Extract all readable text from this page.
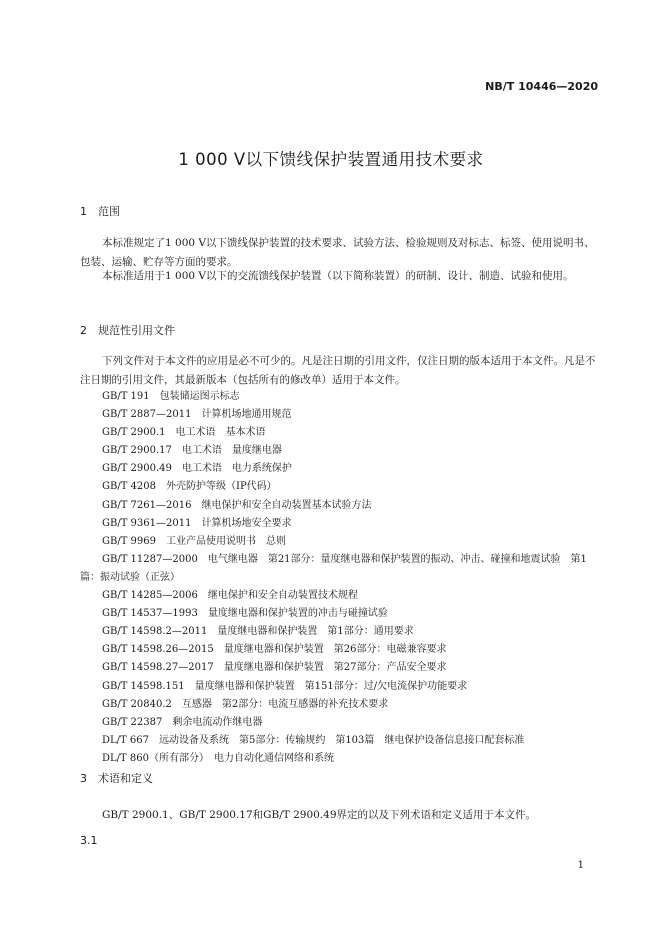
NB/T 10446—2020
1 000 V以下馈线保护装置通用技术要求
1 范围
本标准规定了1 000 V以下馈线保护装置的技术要求、试验方法、检验规则及对标志、标签、使用说明书、包装、运输、贮存等方面的要求。
本标准适用于1 000 V以下的交流馈线保护装置（以下简称装置）的研制、设计、制造、试验和使用。
2 规范性引用文件
下列文件对于本文件的应用是必不可少的。凡是注日期的引用文件，仅注日期的版本适用于本文件。凡是不注日期的引用文件，其最新版本（包括所有的修改单）适用于本文件。
GB/T 191　包装储运图示标志
GB/T 2887—2011　计算机场地通用规范
GB/T 2900.1　电工术语　基本术语
GB/T 2900.17　电工术语　量度继电器
GB/T 2900.49　电工术语　电力系统保护
GB/T 4208　外壳防护等级（IP代码）
GB/T 7261—2016　继电保护和安全自动装置基本试验方法
GB/T 9361—2011　计算机场地安全要求
GB/T 9969　工业产品使用说明书　总则
GB/T 11287—2000　电气继电器　第21部分：量度继电器和保护装置的振动、冲击、碰撞和地震试验　第1篇：振动试验（正弦）
GB/T 14285—2006　继电保护和安全自动装置技术规程
GB/T 14537—1993　量度继电器和保护装置的冲击与碰撞试验
GB/T 14598.2—2011　量度继电器和保护装置　第1部分：通用要求
GB/T 14598.26—2015　量度继电器和保护装置　第26部分：电磁兼容要求
GB/T 14598.27—2017　量度继电器和保护装置　第27部分：产品安全要求
GB/T 14598.151　量度继电器和保护装置　第151部分：过/欠电流保护功能要求
GB/T 20840.2　互感器　第2部分：电流互感器的补充技术要求
GB/T 22387　剩余电流动作继电器
DL/T 667　远动设备及系统　第5部分：传输规约　第103篇　继电保护设备信息接口配套标准
DL/T 860（所有部分）　电力自动化通信网络和系统
3 术语和定义
GB/T 2900.1、GB/T 2900.17和GB/T 2900.49界定的以及下列术语和定义适用于本文件。
3.1
1
